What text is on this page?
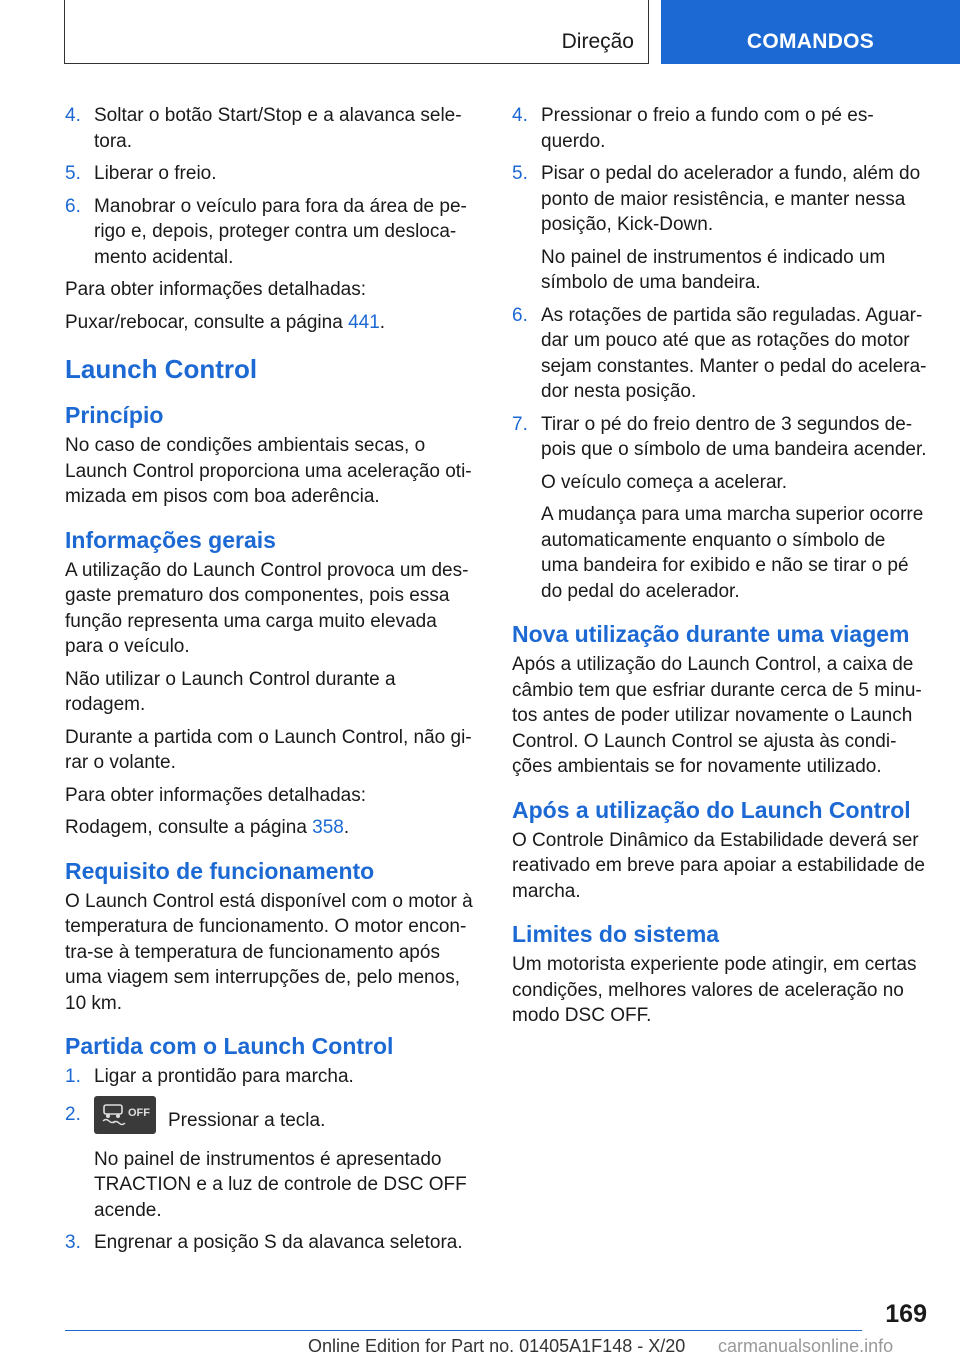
Direção	COMANDOS
4. Soltar o botão Start/Stop e a alavanca sele-tora.
5. Liberar o freio.
6. Manobrar o veículo para fora da área de pe-rigo e, depois, proteger contra um desloca-mento acidental.

Para obter informações detalhadas:

Puxar/rebocar, consulte a página 441.

Launch Control
Princípio

No caso de condições ambientais secas, o Launch Control proporciona uma aceleração oti-mizada em pisos com boa aderência.

Informações gerais

A utilização do Launch Control provoca um des-gaste prematuro dos componentes, pois essa função representa uma carga muito elevada para o veículo.

Não utilizar o Launch Control durante a rodagem.

Durante a partida com o Launch Control, não gi-rar o volante.

Para obter informações detalhadas:

Rodagem, consulte a página 358.

Requisito de funcionamento

O Launch Control está disponível com o motor à temperatura de funcionamento. O motor encon-tra-se à temperatura de funcionamento após uma viagem sem interrupções de, pelo menos, 10 km.

Partida com o Launch Control
1. Ligar a prontidão para marcha.
2.	OFF Pressionar a tecla.
No painel de instrumentos é apresentado TRACTION e a luz de controle de DSC OFF acende.
3. Engrenar a posição S da alavanca seletora.
4. Pressionar o freio a fundo com o pé es-querdo.
5. Pisar o pedal do acelerador a fundo, além do ponto de maior resistência, e manter nessa posição, Kick-Down.
No painel de instrumentos é indicado um símbolo de uma bandeira.
6. As rotações de partida são reguladas. Aguar-dar um pouco até que as rotações do motor sejam constantes. Manter o pedal do acelera-dor nesta posição.
7. Tirar o pé do freio dentro de 3 segundos de-pois que o símbolo de uma bandeira acender.
O veículo começa a acelerar.
A mudança para uma marcha superior ocorre automaticamente enquanto o símbolo de uma bandeira for exibido e não se tirar o pé do pedal do acelerador.
Nova utilização durante uma viagem

Após a utilização do Launch Control, a caixa de câmbio tem que esfriar durante cerca de 5 minu-tos antes de poder utilizar novamente o Launch Control. O Launch Control se ajusta às condi-ções ambientais se for novamente utilizado.

Após a utilização do Launch Control

O Controle Dinâmico da Estabilidade deverá ser reativado em breve para apoiar a estabilidade de marcha.

Limites do sistema

Um motorista experiente pode atingir, em certas condições, melhores valores de aceleração no modo DSC OFF.

169
Online Edition for Part no. 01405A1F148 - X/20 carmanualsonline.info
